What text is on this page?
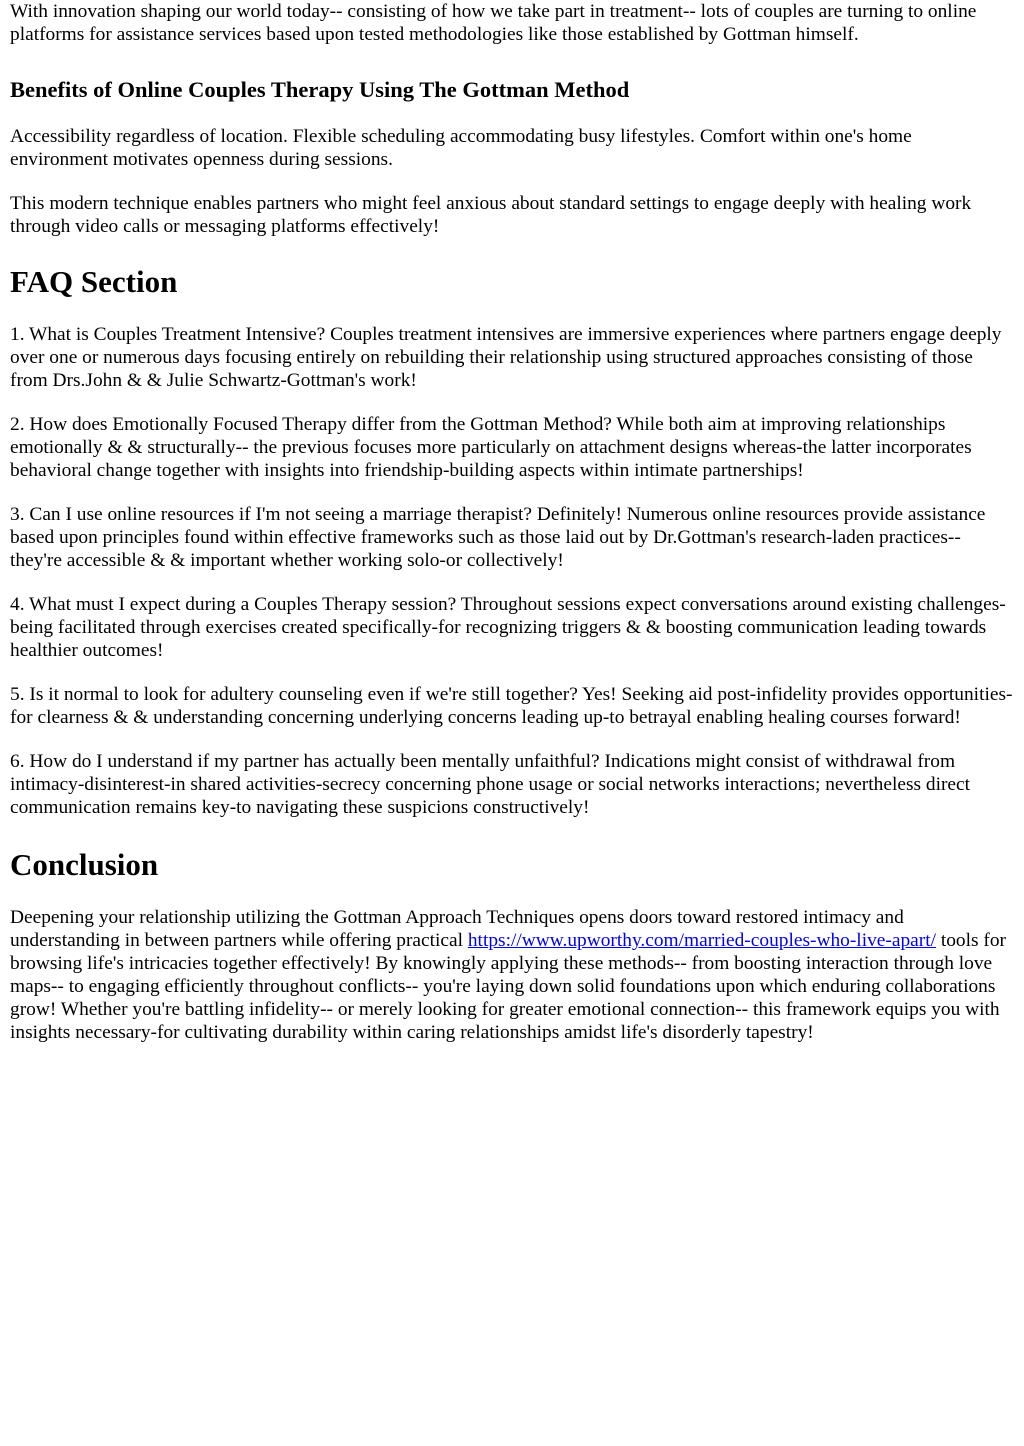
With innovation shaping our world today-- consisting of how we take part in treatment-- lots of couples are turning to online platforms for assistance services based upon tested methodologies like those established by Gottman himself.

Benefits of Online Couples Therapy Using The Gottman Method

Accessibility regardless of location. Flexible scheduling accommodating busy lifestyles. Comfort within one's home environment motivates openness during sessions.

This modern technique enables partners who might feel anxious about standard settings to engage deeply with healing work through video calls or messaging platforms effectively!

FAQ Section

1. What is Couples Treatment Intensive? Couples treatment intensives are immersive experiences where partners engage deeply over one or numerous days focusing entirely on rebuilding their relationship using structured approaches consisting of those from Drs.John & & Julie Schwartz-Gottman's work!

2. How does Emotionally Focused Therapy differ from the Gottman Method? While both aim at improving relationships emotionally & & structurally-- the previous focuses more particularly on attachment designs whereas-the latter incorporates behavioral change together with insights into friendship-building aspects within intimate partnerships!

3. Can I use online resources if I'm not seeing a marriage therapist? Definitely! Numerous online resources provide assistance based upon principles found within effective frameworks such as those laid out by Dr.Gottman's research-laden practices-- they're accessible & & important whether working solo-or collectively!

4. What must I expect during a Couples Therapy session? Throughout sessions expect conversations around existing challenges-being facilitated through exercises created specifically-for recognizing triggers & & boosting communication leading towards healthier outcomes!

5. Is it normal to look for adultery counseling even if we're still together? Yes! Seeking aid post-infidelity provides opportunities-for clearness & & understanding concerning underlying concerns leading up-to betrayal enabling healing courses forward!

6. How do I understand if my partner has actually been mentally unfaithful? Indications might consist of withdrawal from intimacy-disinterest-in shared activities-secrecy concerning phone usage or social networks interactions; nevertheless direct communication remains key-to navigating these suspicions constructively!

Conclusion

Deepening your relationship utilizing the Gottman Approach Techniques opens doors toward restored intimacy and understanding in between partners while offering practical https://www.upworthy.com/married-couples-who-live-apart/ tools for browsing life's intricacies together effectively! By knowingly applying these methods-- from boosting interaction through love maps-- to engaging efficiently throughout conflicts-- you're laying down solid foundations upon which enduring collaborations grow! Whether you're battling infidelity-- or merely looking for greater emotional connection-- this framework equips you with insights necessary-for cultivating durability within caring relationships amidst life's disorderly tapestry!
